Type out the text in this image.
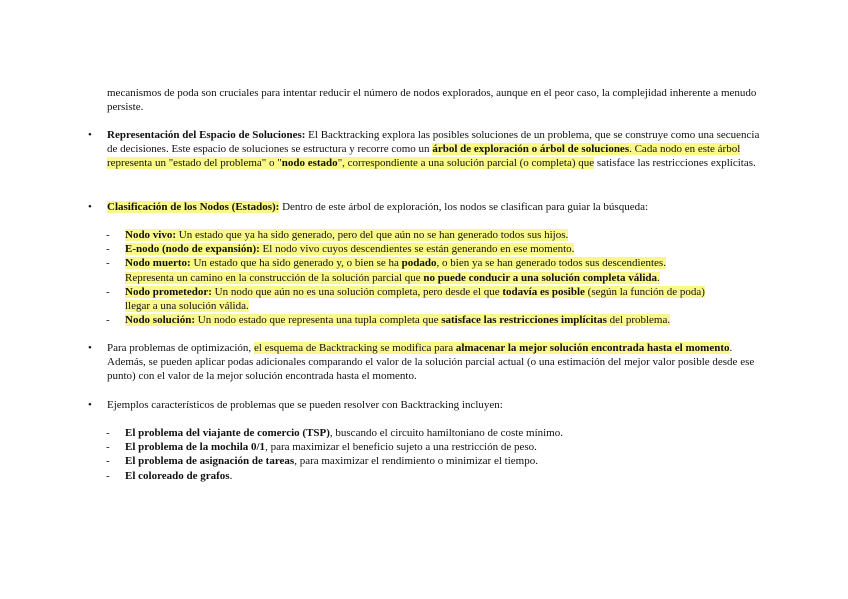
mecanismos de poda son cruciales para intentar reducir el número de nodos explorados, aunque en el peor caso, la complejidad inherente a menudo persiste.
• Representación del Espacio de Soluciones: El Backtracking explora las posibles soluciones de un problema, que se construye como una secuencia de decisiones. Este espacio de soluciones se estructura y recorre como un árbol de exploración o árbol de soluciones. Cada nodo en este árbol representa un "estado del problema" o "nodo estado", correspondiente a una solución parcial (o completa) que satisface las restricciones explícitas.
• Clasificación de los Nodos (Estados): Dentro de este árbol de exploración, los nodos se clasifican para guiar la búsqueda:
- Nodo vivo: Un estado que ya ha sido generado, pero del que aún no se han generado todos sus hijos.
- E-nodo (nodo de expansión): El nodo vivo cuyos descendientes se están generando en ese momento.
- Nodo muerto: Un estado que ha sido generado y, o bien se ha podado, o bien ya se han generado todos sus descendientes.
Representa un camino en la construcción de la solución parcial que no puede conducir a una solución completa válida.
- Nodo prometedor: Un nodo que aún no es una solución completa, pero desde el que todavía es posible (según la función de poda)
llegar a una solución válida.
- Nodo solución: Un nodo estado que representa una tupla completa que satisface las restricciones implícitas del problema.
• Para problemas de optimización, el esquema de Backtracking se modifica para almacenar la mejor solución encontrada hasta el momento. Además, se pueden aplicar podas adicionales comparando el valor de la solución parcial actual (o una estimación del mejor valor posible desde ese punto) con el valor de la mejor solución encontrada hasta el momento.
• Ejemplos característicos de problemas que se pueden resolver con Backtracking incluyen:
- El problema del viajante de comercio (TSP), buscando el circuito hamiltoniano de coste mínimo.
- El problema de la mochila 0/1, para maximizar el beneficio sujeto a una restricción de peso.
- El problema de asignación de tareas, para maximizar el rendimiento o minimizar el tiempo.
- El coloreado de grafos.
